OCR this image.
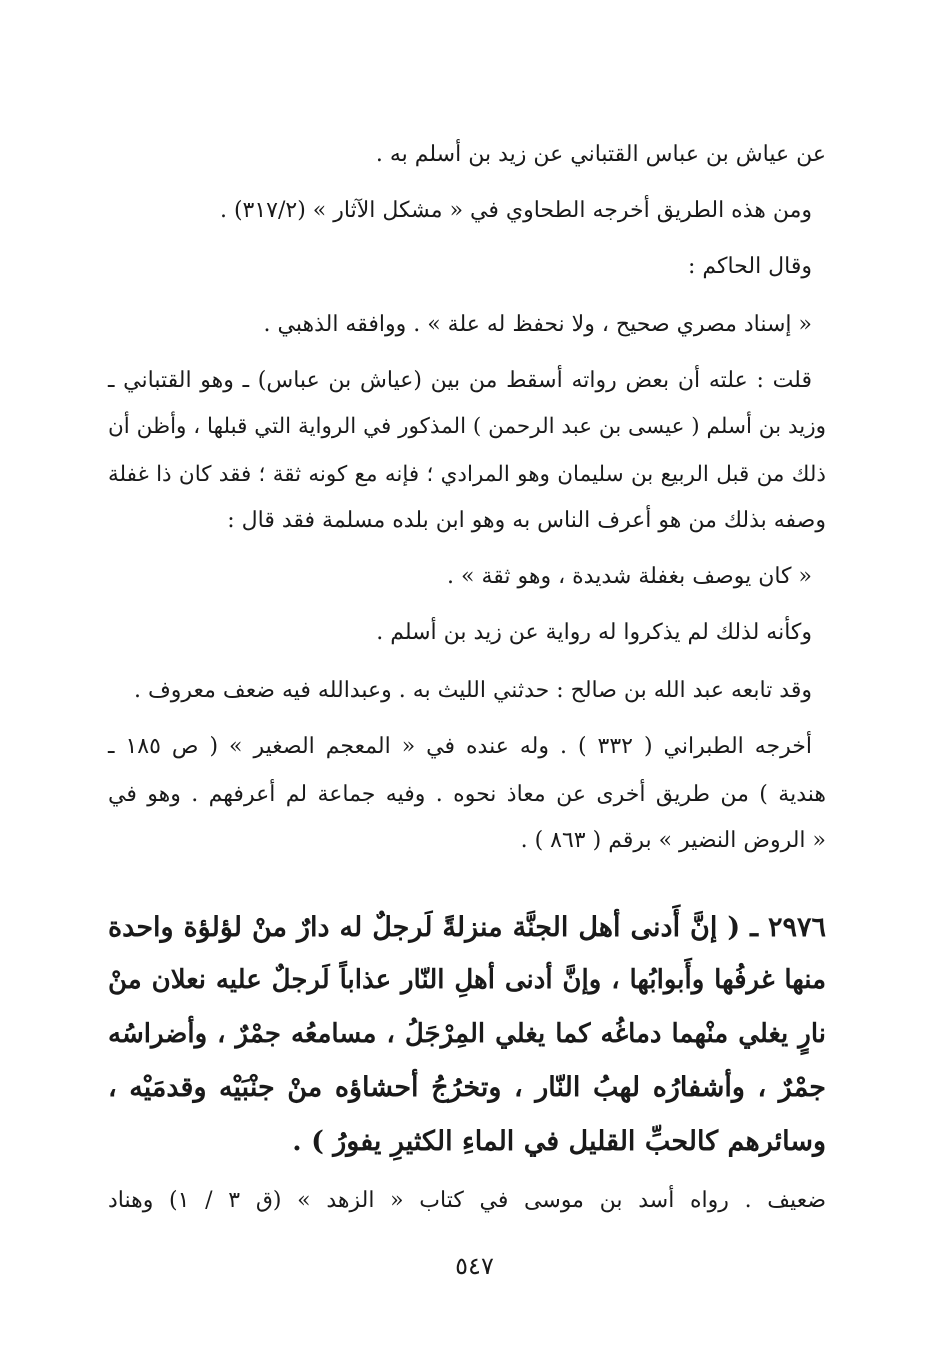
عن عياش بن عباس القتباني عن زيد بن أسلم به .
ومن هذه الطريق أخرجه الطحاوي في « مشكل الآثار » (٣١٧/٢) .
وقال الحاكم :
« إسناد مصري صحيح ، ولا نحفظ له علة » . ووافقه الذهبي .
قلت : علته أن بعض رواته أسقط من بين (عياش بن عباس) ـ وهو القتباني ـ
وزيد بن أسلم ( عيسى بن عبد الرحمن ) المذكور في الرواية التي قبلها ، وأظن أن
ذلك من قبل الربيع بن سليمان وهو المرادي ؛ فإنه مع كونه ثقة ؛ فقد كان ذا غفلة
وصفه بذلك من هو أعرف الناس به وهو ابن بلده مسلمة فقد قال :
« كان يوصف بغفلة شديدة ، وهو ثقة » .
وكأنه لذلك لم يذكروا له رواية عن زيد بن أسلم .
وقد تابعه عبد الله بن صالح : حدثني الليث به . وعبدالله فيه ضعف معروف .
أخرجه الطبراني ( ٣٣٢ ) . وله عنده في « المعجم الصغير » ( ص ١٨٥ ـ
هندية ) من طريق أخرى عن معاذ نحوه . وفيه جماعة لم أعرفهم . وهو في
« الروض النضير » برقم ( ٨٦٣ ) .
٢٩٧٦ ـ ( إنَّ أَدنى أهل الجنَّة منزلةً لَرجلٌ له دارٌ منْ لؤلؤة واحدة
منها غرفُها وأَبوابُها ، وإنَّ أدنى أهلِ النّار عذاباً لَرجلٌ عليه نعلان منْ
نارٍ يغلي منْهما دماغُه كما يغلي المِرْجَلُ ، مسامعُه جمْرٌ ، وأضراسُه
جمْرٌ ، وأشفارُه لهبُ النّار ، وتخرُجُ أحشاؤه منْ جنْبَيْه وقدمَيْه ،
وسائرهم كالحبِّ القليل في الماءِ الكثيرِ يفورُ ) .
ضعيف . رواه أسد بن موسى في كتاب « الزهد » (ق ٣ / ١) وهناد
٥٤٧
